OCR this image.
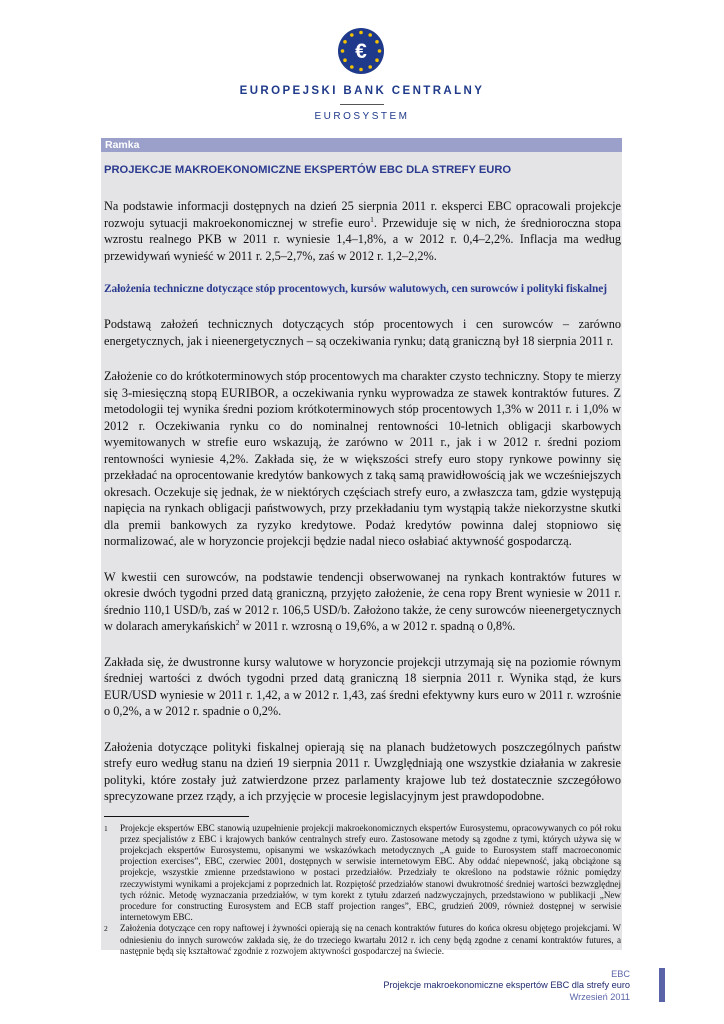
€
EUROPEJSKI BANK CENTRALNY
EUROSYSTEM
Ramka
PROJEKCJE MAKROEKONOMICZNE EKSPERTÓW EBC DLA STREFY EURO

Na podstawie informacji dostępnych na dzień 25 sierpnia 2011 r. eksperci EBC opracowali projekcje rozwoju sytuacji makroekonomicznej w strefie euro$^1$. Przewiduje się w nich, że średnioroczna stopa wzrostu realnego PKB w 2011 r. wyniesie 1,4–1,8%, a w 2012 r. 0,4–2,2%. Inflacja ma według przewidywań wynieść w 2011 r. 2,5–2,7%, zaś w 2012 r. 1,2–2,2%.

Założenia techniczne dotyczące stóp procentowych, kursów walutowych, cen surowców i polityki fiskalnej

Podstawą założeń technicznych dotyczących stóp procentowych i cen surowców – zarówno energetycznych, jak i nieenergetycznych – są oczekiwania rynku; datą graniczną był 18 sierpnia 2011 r.

Założenie co do krótkoterminowych stóp procentowych ma charakter czysto techniczny. Stopy te mierzy się 3-miesięczną stopą EURIBOR, a oczekiwania rynku wyprowadza ze stawek kontraktów futures. Z metodologii tej wynika średni poziom krótkoterminowych stóp procentowych 1,3% w 2011 r. i 1,0% w 2012 r. Oczekiwania rynku co do nominalnej rentowności 10-letnich obligacji skarbowych wyemitowanych w strefie euro wskazują, że zarówno w 2011 r., jak i w 2012 r. średni poziom rentowności wyniesie 4,2%. Zakłada się, że w większości strefy euro stopy rynkowe powinny się przekładać na oprocentowanie kredytów bankowych z taką samą prawidłowością jak we wcześniejszych okresach. Oczekuje się jednak, że w niektórych częściach strefy euro, a zwłaszcza tam, gdzie występują napięcia na rynkach obligacji państwowych, przy przekładaniu tym wystąpią także niekorzystne skutki dla premii bankowych za ryzyko kredytowe. Podaż kredytów powinna dalej stopniowo się normalizować, ale w horyzoncie projekcji będzie nadal nieco osłabiać aktywność gospodarczą.

W kwestii cen surowców, na podstawie tendencji obserwowanej na rynkach kontraktów futures w okresie dwóch tygodni przed datą graniczną, przyjęto założenie, że cena ropy Brent wyniesie w 2011 r. średnio 110,1 USD/b, zaś w 2012 r. 106,5 USD/b. Założono także, że ceny surowców nieenergetycznych w dolarach amerykańskich$^2$ w 2011 r. wzrosną o 19,6%, a w 2012 r. spadną o 0,8%.

Zakłada się, że dwustronne kursy walutowe w horyzoncie projekcji utrzymają się na poziomie równym średniej wartości z dwóch tygodni przed datą graniczną 18 sierpnia 2011 r. Wynika stąd, że kurs EUR/USD wyniesie w 2011 r. 1,42, a w 2012 r. 1,43, zaś średni efektywny kurs euro w 2011 r. wzrośnie o 0,2%, a w 2012 r. spadnie o 0,2%.

Założenia dotyczące polityki fiskalnej opierają się na planach budżetowych poszczególnych państw strefy euro według stanu na dzień 19 sierpnia 2011 r. Uwzględniają one wszystkie działania w zakresie polityki, które zostały już zatwierdzone przez parlamenty krajowe lub też dostatecznie szczegółowo sprecyzowane przez rządy, a ich przyjęcie w procesie legislacyjnym jest prawdopodobne.

1	Projekcje ekspertów EBC stanowią uzupełnienie projekcji makroekonomicznych ekspertów Eurosystemu, opracowywanych co pół roku przez specjalistów z EBC i krajowych banków centralnych strefy euro. Zastosowane metody są zgodne z tymi, których używa się w projekcjach ekspertów Eurosystemu, opisanymi we wskazówkach metodycznych „A guide to Eurosystem staff macroeconomic projection exercises”, EBC, czerwiec 2001, dostępnych w serwisie internetowym EBC. Aby oddać niepewność, jaką obciążone są projekcje, wszystkie zmienne przedstawiono w postaci przedziałów. Przedziały te określono na podstawie różnic pomiędzy rzeczywistymi wynikami a projekcjami z poprzednich lat. Rozpiętość przedziałów stanowi dwukrotność średniej wartości bezwzględnej tych różnic. Metodę wyznaczania przedziałów, w tym korekt z tytułu zdarzeń nadzwyczajnych, przedstawiono w publikacji „New procedure for constructing Eurosystem and ECB staff projection ranges”, EBC, grudzień 2009, również dostępnej w serwisie internetowym EBC.
2	Założenia dotyczące cen ropy naftowej i żywności opierają się na cenach kontraktów futures do końca okresu objętego projekcjami. W odniesieniu do innych surowców zakłada się, że do trzeciego kwartału 2012 r. ich ceny będą zgodne z cenami kontraktów futures, a następnie będą się kształtować zgodnie z rozwojem aktywności gospodarczej na świecie.
EBC
Projekcje makroekonomiczne ekspertów EBC dla strefy euro
Wrzesień 2011
